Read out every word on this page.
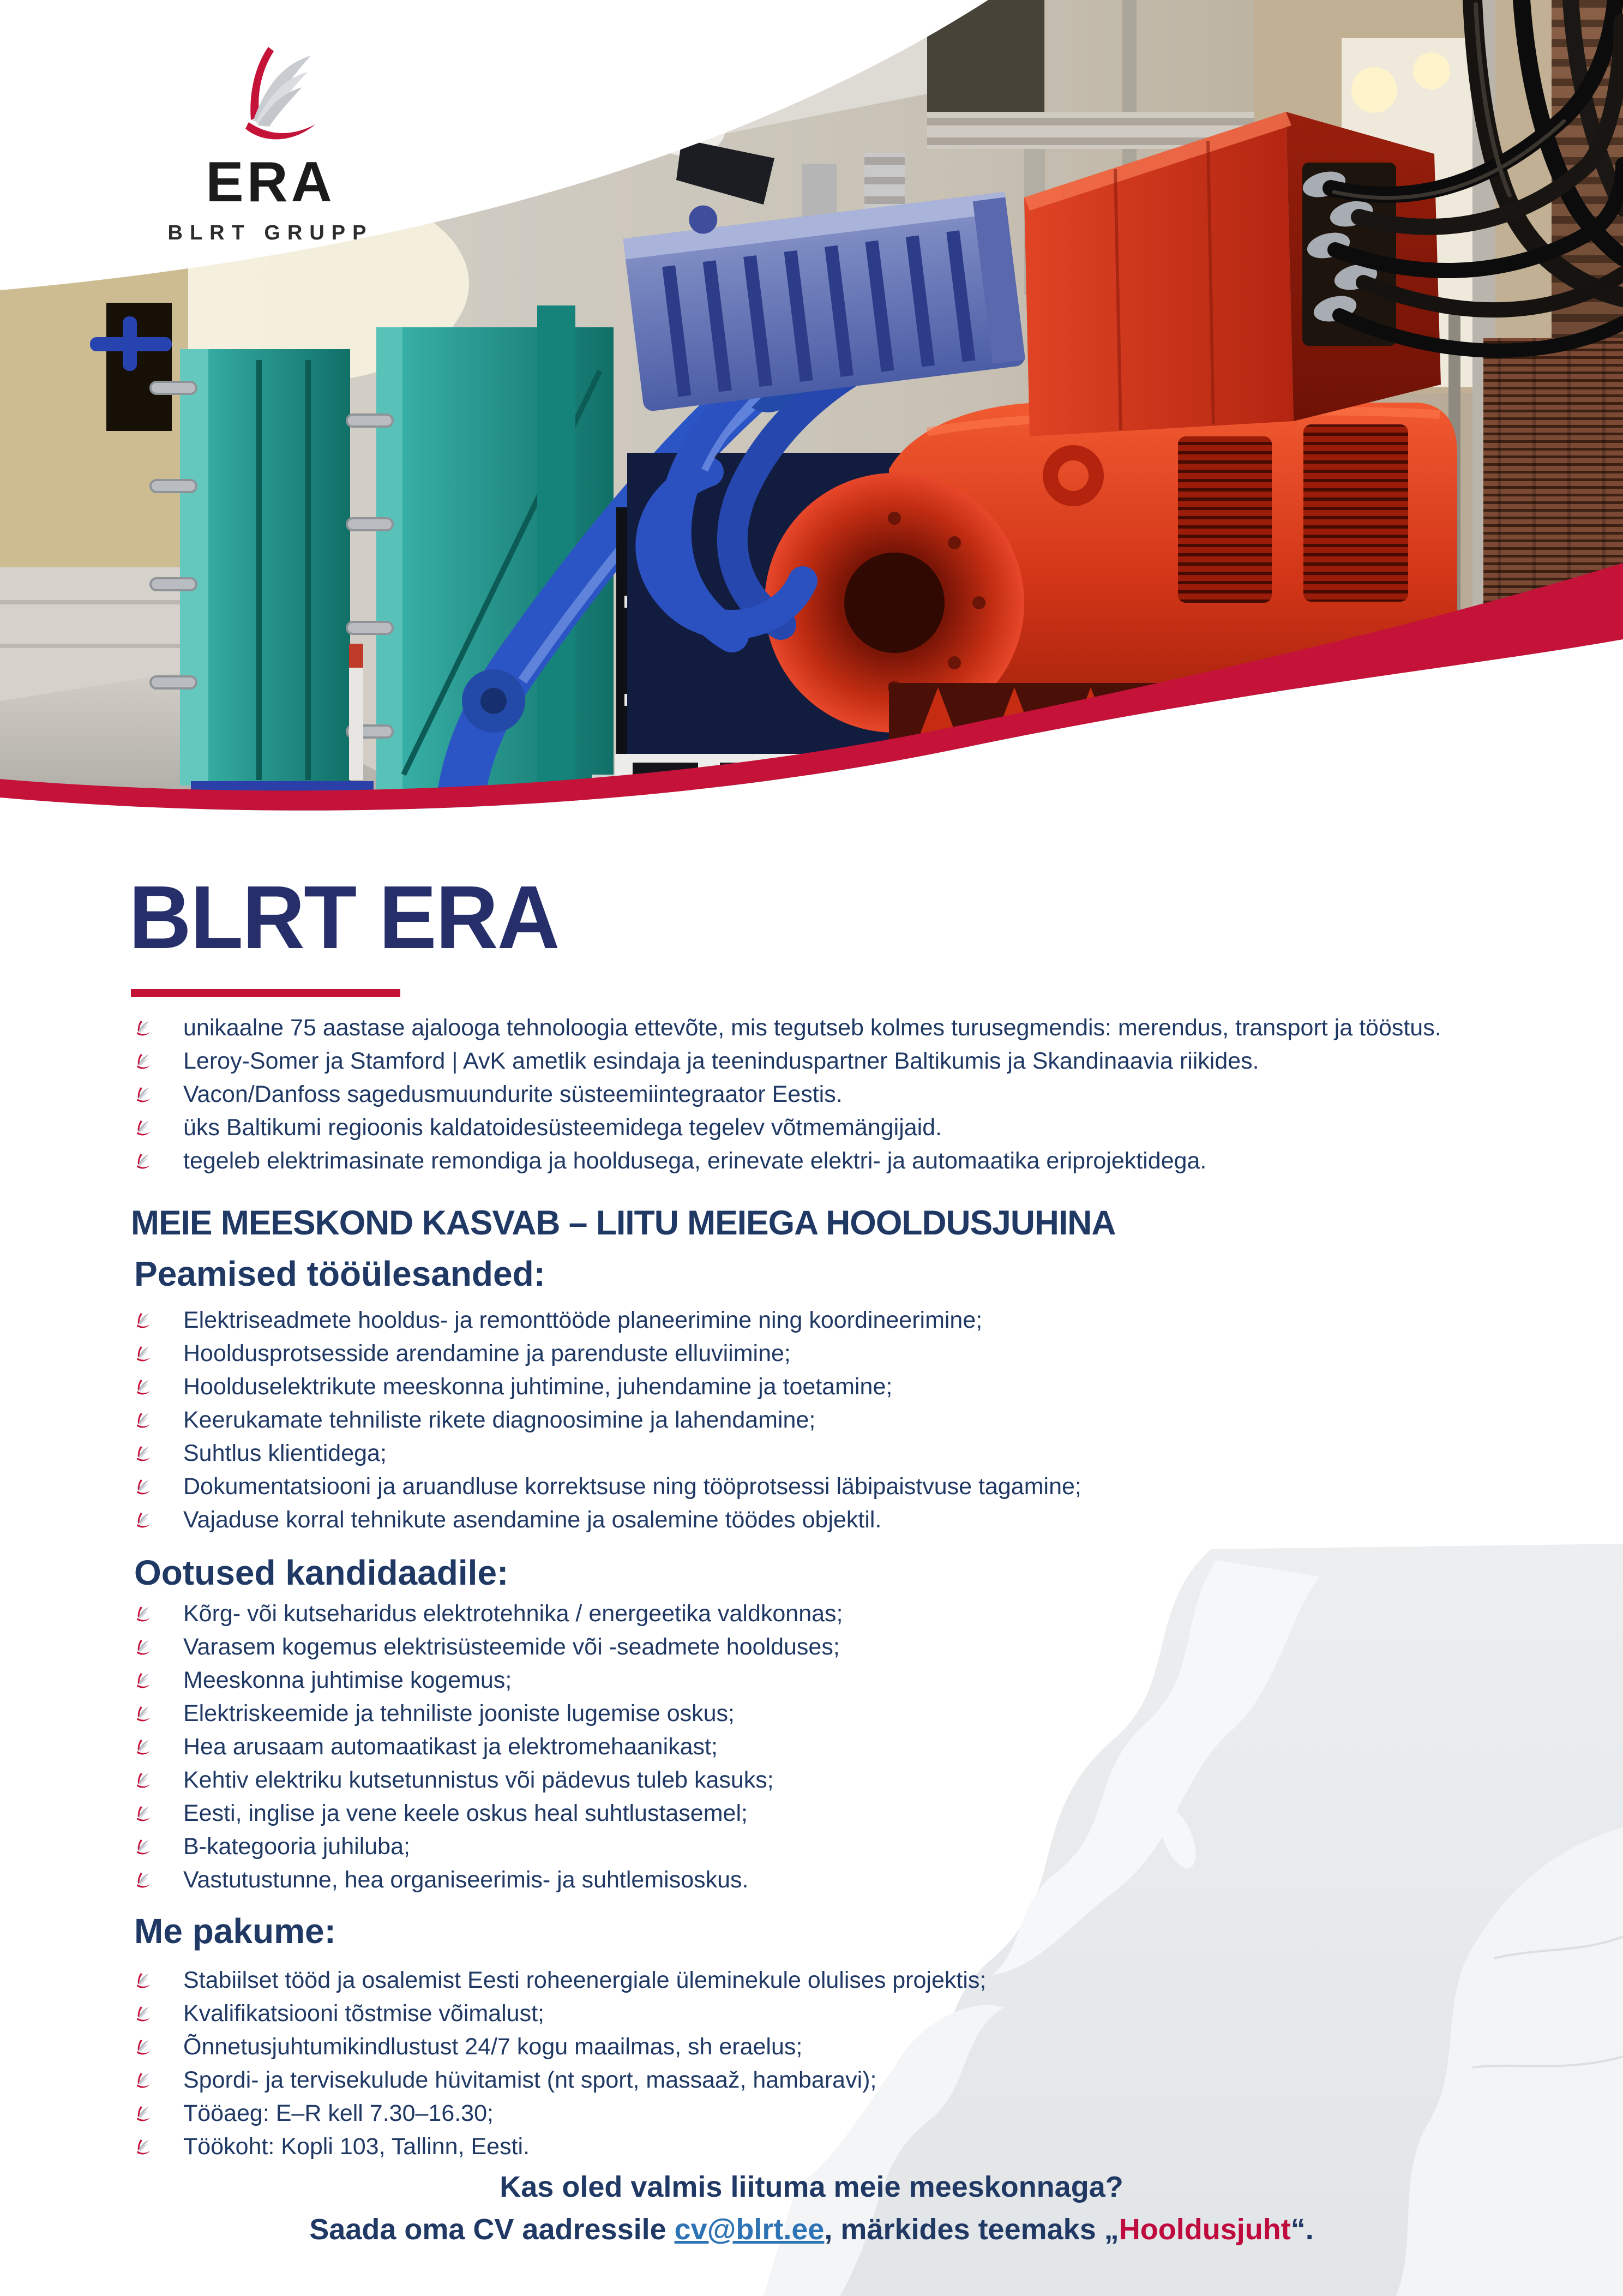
ERA
BLRT GRUPP
BLRT ERA
unikaalne 75 aastase ajalooga tehnoloogia ettevõte, mis tegutseb kolmes turusegmendis: merendus, transport ja tööstus.
Leroy-Somer ja Stamford | AvK ametlik esindaja ja teeninduspartner Baltikumis ja Skandinaavia riikides.
Vacon/Danfoss sagedusmuundurite süsteemiintegraator Eestis.
üks Baltikumi regioonis kaldatoidesüsteemidega tegelev võtmemängijaid.
tegeleb elektrimasinate remondiga ja hooldusega, erinevate elektri- ja automaatika eriprojektidega.
MEIE MEESKOND KASVAB – LIITU MEIEGA HOOLDUSJUHINA
Peamised tööülesanded:
Elektriseadmete hooldus- ja remonttööde planeerimine ning koordineerimine;
Hooldusprotsesside arendamine ja parenduste elluviimine;
Hoolduselektrikute meeskonna juhtimine, juhendamine ja toetamine;
Keerukamate tehniliste rikete diagnoosimine ja lahendamine;
Suhtlus klientidega;
Dokumentatsiooni ja aruandluse korrektsuse ning tööprotsessi läbipaistvuse tagamine;
Vajaduse korral tehnikute asendamine ja osalemine töödes objektil.
Ootused kandidaadile:
Kõrg- või kutseharidus elektrotehnika / energeetika valdkonnas;
Varasem kogemus elektrisüsteemide või -seadmete hoolduses;
Meeskonna juhtimise kogemus;
Elektriskeemide ja tehniliste jooniste lugemise oskus;
Hea arusaam automaatikast ja elektromehaanikast;
Kehtiv elektriku kutsetunnistus või pädevus tuleb kasuks;
Eesti, inglise ja vene keele oskus heal suhtlustasemel;
B-kategooria juhiluba;
Vastutustunne, hea organiseerimis- ja suhtlemisoskus.
Me pakume:
Stabiilset tööd ja osalemist Eesti roheenergiale üleminekule olulises projektis;
Kvalifikatsiooni tõstmise võimalust;
Õnnetusjuhtumikindlustust 24/7 kogu maailmas, sh eraelus;
Spordi- ja tervisekulude hüvitamist (nt sport, massaaž, hambaravi);
Tööaeg: E–R kell 7.30–16.30;
Töökoht: Kopli 103, Tallinn, Eesti.
Kas oled valmis liituma meie meeskonnaga?
Saada oma CV aadressile cv@blrt.ee, märkides teemaks „Hooldusjuht“.
